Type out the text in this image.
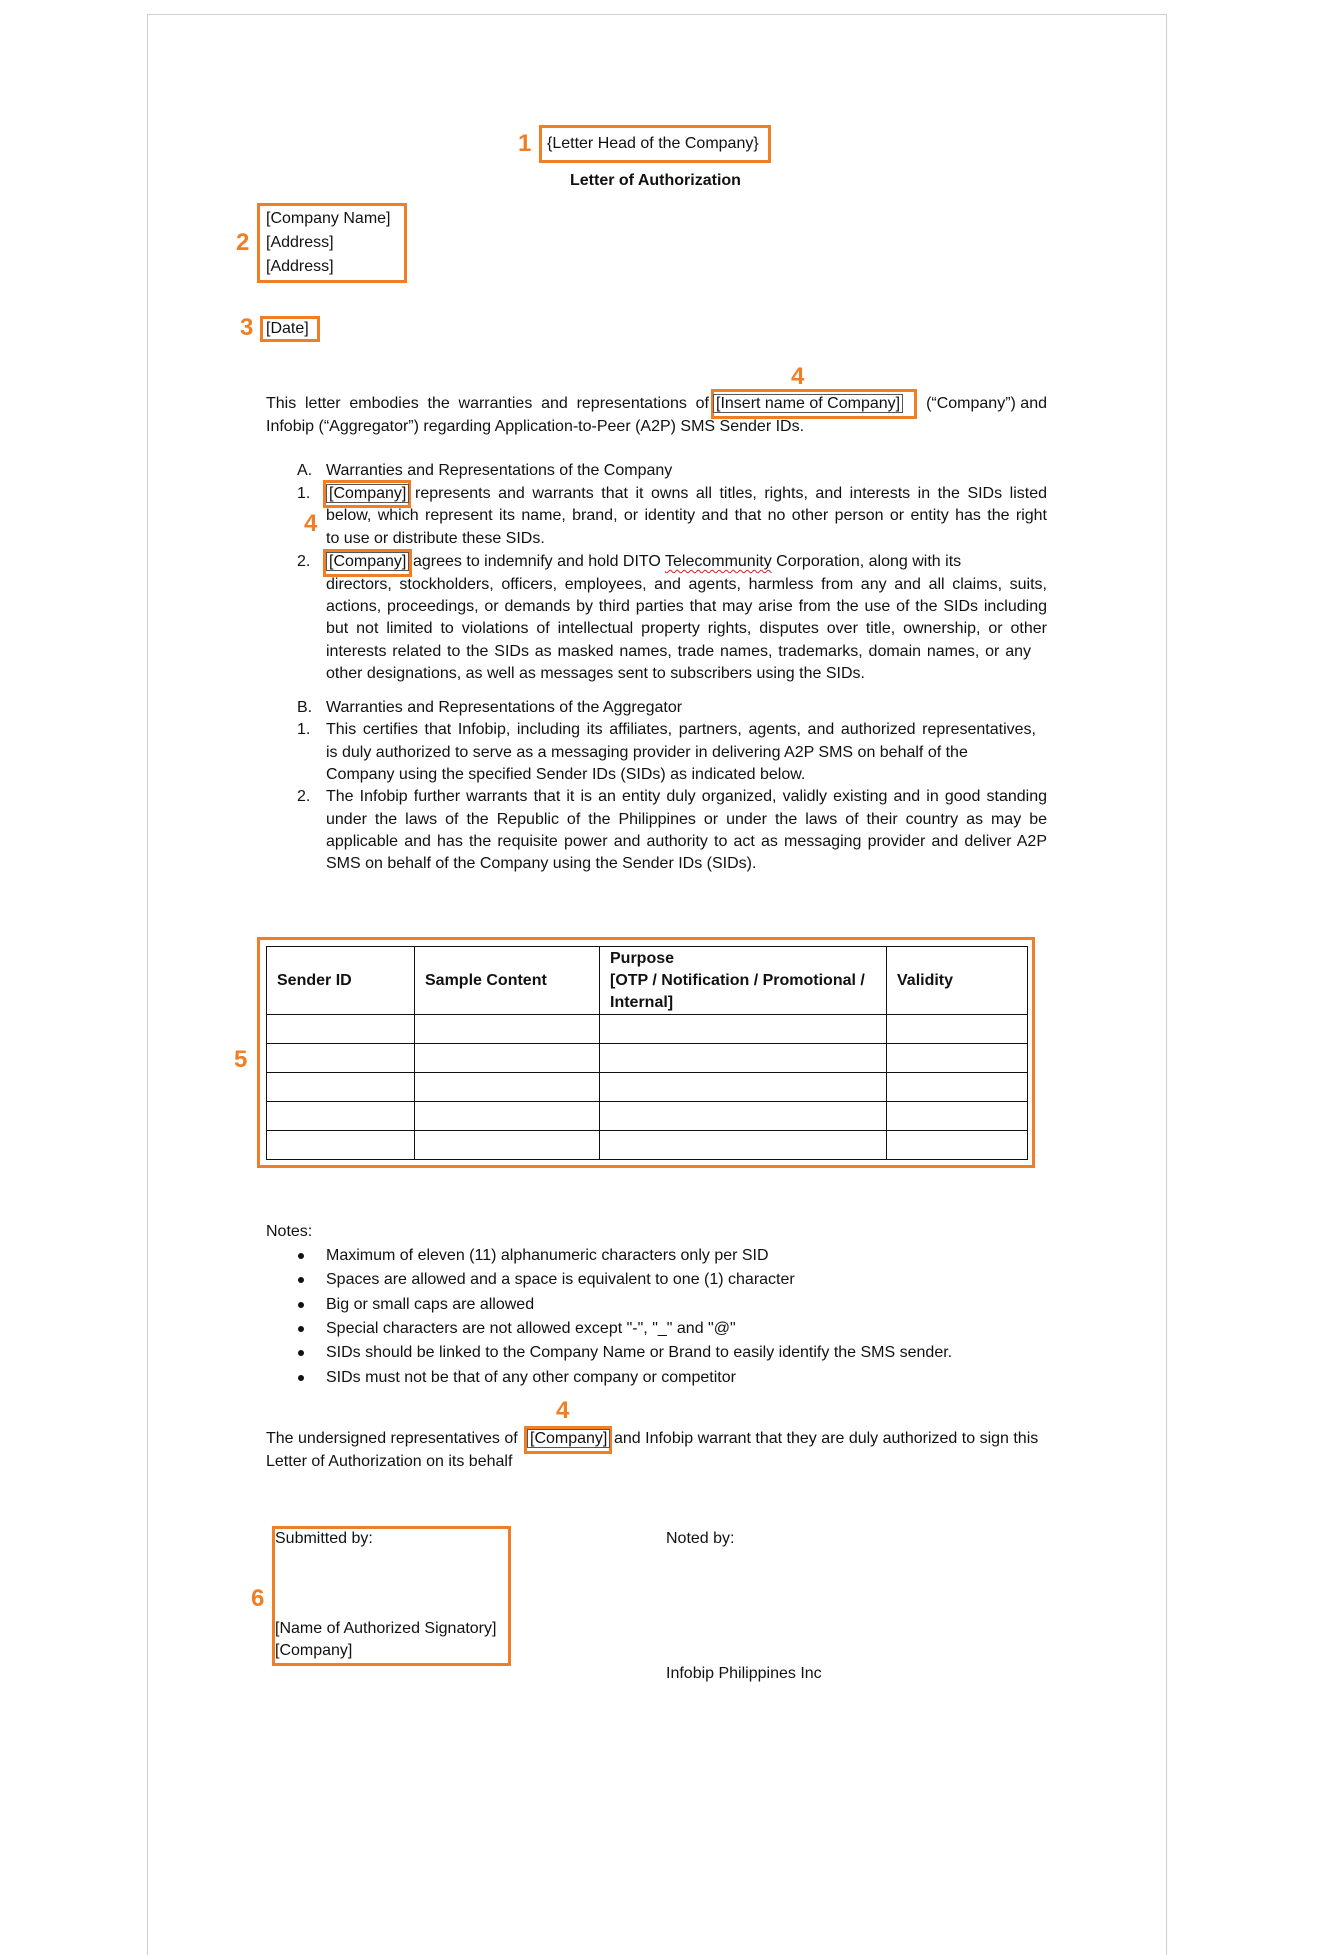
1 {Letter Head of the Company}
Letter of Authorization
2
[Company Name]
[Address]
[Address]
3 [Date]
4
This letter embodies the warranties and representations of [Insert name of Company]	(“Company”) and
Infobip (“Aggregator”) regarding Application-to-Peer (A2P) SMS Sender IDs.
A. Warranties and Representations of the Company
1. [Company] represents and warrants that it owns all titles, rights, and interests in the SIDs listed
4 below, which represent its name, brand, or identity and that no other person or entity has the right
to use or distribute these SIDs.
2. [Company] agrees to indemnify and hold DITO Telecommunity Corporation, along with its
directors, stockholders, officers, employees, and agents, harmless from any and all claims, suits,
actions, proceedings, or demands by third parties that may arise from the use of the SIDs including
but not limited to violations of intellectual property rights, disputes over title, ownership, or other
interests related to the SIDs as masked names, trade names, trademarks, domain names, or any
other designations, as well as messages sent to subscribers using the SIDs.
B. Warranties and Representations of the Aggregator
1. This certifies that Infobip, including its affiliates, partners, agents, and authorized representatives,
is duly authorized to serve as a messaging provider in delivering A2P SMS on behalf of the
Company using the specified Sender IDs (SIDs) as indicated below.
2. The Infobip further warrants that it is an entity duly organized, validly existing and in good standing
under the laws of the Republic of the Philippines or under the laws of their country as may be
applicable and has the requisite power and authority to act as messaging provider and deliver A2P
SMS on behalf of the Company using the Sender IDs (SIDs).
5
Sender ID	Sample Content	Purpose
[OTP / Notification / Promotional /
Internal]	Validity

Notes:
Maximum of eleven (11) alphanumeric characters only per SID
Spaces are allowed and a space is equivalent to one (1) character
Big or small caps are allowed
Special characters are not allowed except "-", "_" and "@"
SIDs should be linked to the Company Name or Brand to easily identify the SMS sender.
SIDs must not be that of any other company or competitor
4
The undersigned representatives of [Company] and Infobip warrant that they are duly authorized to sign this
Letter of Authorization on its behalf
6
Submitted by:
[Name of Authorized Signatory]
[Company]
Noted by:
Infobip Philippines Inc
